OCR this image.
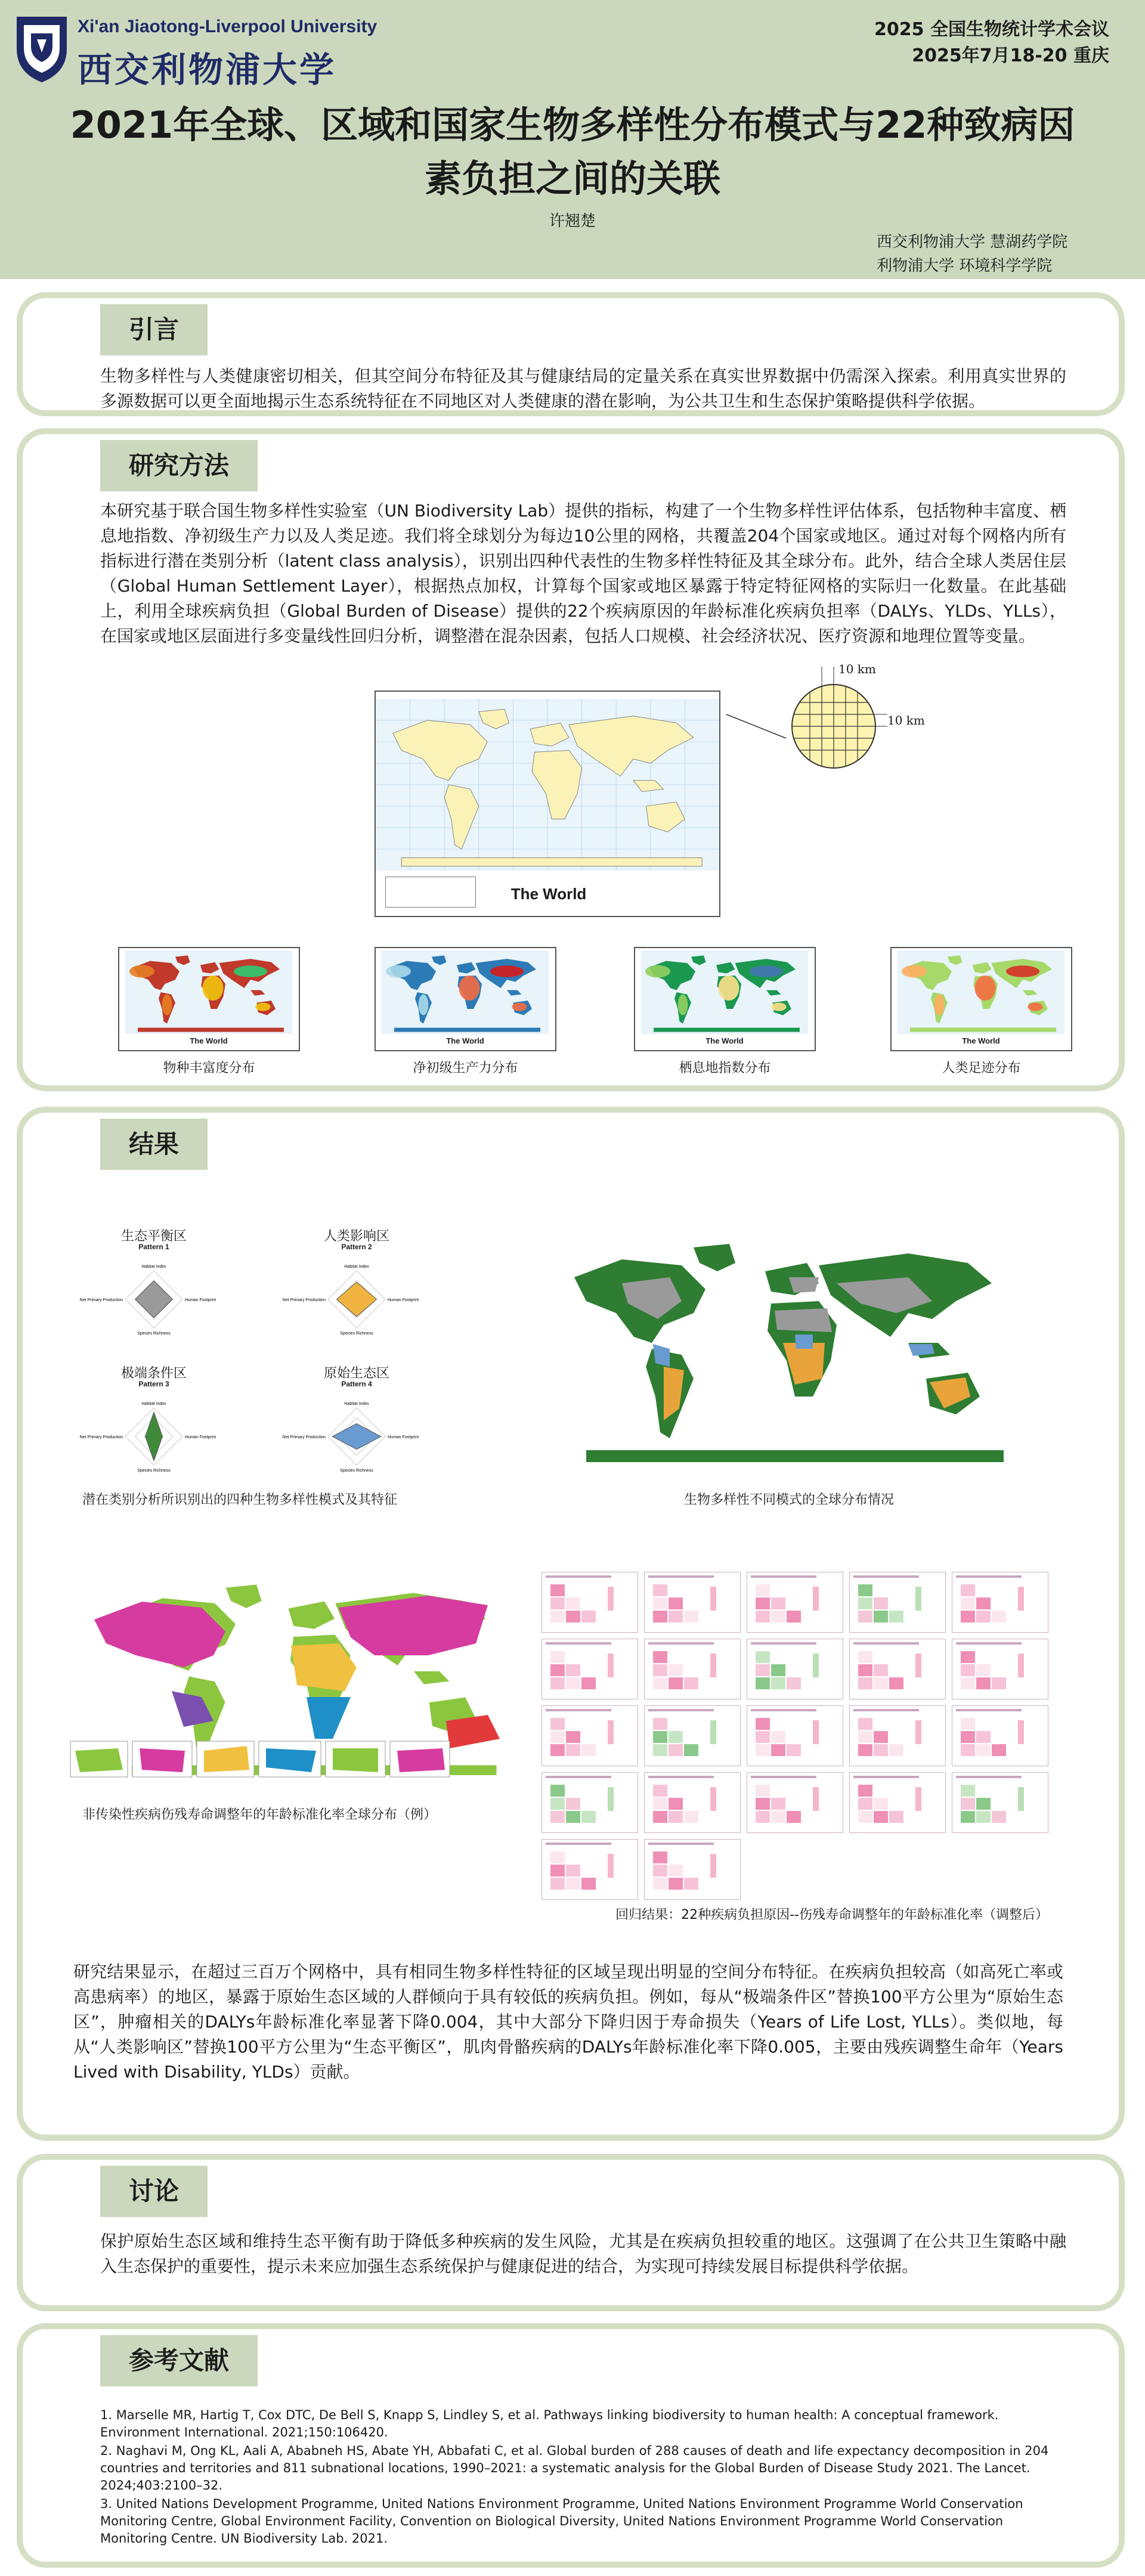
Xi'an Jiaotong-Liverpool University
西交利物浦大学
2025 全国生物统计学术会议
2025年7月18-20 重庆
2021年全球、区域和国家生物多样性分布模式与22种致病因
素负担之间的关联
许翘楚
西交利物浦大学 慧湖药学院
利物浦大学 环境科学学院
引言
生物多样性与人类健康密切相关，但其空间分布特征及其与健康结局的定量关系在真实世界数据中仍需深入探索。利用真实世界的多源数据可以更全面地揭示生态系统特征在不同地区对人类健康的潜在影响，为公共卫生和生态保护策略提供科学依据。
研究方法
本研究基于联合国生物多样性实验室（UN Biodiversity Lab）提供的指标，构建了一个生物多样性评估体系，包括物种丰富度、栖息地指数、净初级生产力以及人类足迹。我们将全球划分为每边10公里的网格，共覆盖204个国家或地区。通过对每个网格内所有指标进行潜在类别分析（latent class analysis），识别出四种代表性的生物多样性特征及其全球分布。此外，结合全球人类居住层（Global Human Settlement Layer），根据热点加权，计算每个国家或地区暴露于特定特征网格的实际归一化数量。在此基础上，利用全球疾病负担（Global Burden of Disease）提供的22个疾病原因的年龄标准化疾病负担率（DALYs、YLDs、YLLs），在国家或地区层面进行多变量线性回归分析，调整潜在混杂因素，包括人口规模、社会经济状况、医疗资源和地理位置等变量。
The World
10 km
10 km
The World
物种丰富度分布
The World
净初级生产力分布
The World
栖息地指数分布
The World
人类足迹分布
结果
生态平衡区
Pattern 1
Habitat Index
Human Footprint
Species Richness
Net Primary Production
人类影响区
Pattern 2
Habitat Index
Human Footprint
Species Richness
Net Primary Production
极端条件区
Pattern 3
Habitat Index
Human Footprint
Species Richness
Net Primary Production
原始生态区
Pattern 4
Habitat Index
Human Footprint
Species Richness
Net Primary Production
潜在类别分析所识别出的四种生物多样性模式及其特征	生物多样性不同模式的全球分布情况
非传染性疾病伤残寿命调整年的年龄标准化率全球分布（例）
回归结果：22种疾病负担原因--伤残寿命调整年的年龄标准化率（调整后）
研究结果显示，在超过三百万个网格中，具有相同生物多样性特征的区域呈现出明显的空间分布特征。在疾病负担较高（如高死亡率或高患病率）的地区，暴露于原始生态区域的人群倾向于具有较低的疾病负担。例如，每从“极端条件区”替换100平方公里为“原始生态区”，肿瘤相关的DALYs年龄标准化率显著下降0.004，其中大部分下降归因于寿命损失（Years of Life Lost, YLLs）。类似地，每从“人类影响区”替换100平方公里为“生态平衡区”，肌肉骨骼疾病的DALYs年龄标准化率下降0.005，主要由残疾调整生命年（Years Lived with Disability, YLDs）贡献。
讨论
保护原始生态区域和维持生态平衡有助于降低多种疾病的发生风险，尤其是在疾病负担较重的地区。这强调了在公共卫生策略中融入生态保护的重要性，提示未来应加强生态系统保护与健康促进的结合，为实现可持续发展目标提供科学依据。
参考文献

1. Marselle MR, Hartig T, Cox DTC, De Bell S, Knapp S, Lindley S, et al. Pathways linking biodiversity to human health: A conceptual framework. Environment International. 2021;150:106420.

2. Naghavi M, Ong KL, Aali A, Ababneh HS, Abate YH, Abbafati C, et al. Global burden of 288 causes of death and life expectancy decomposition in 204 countries and territories and 811 subnational locations, 1990–2021: a systematic analysis for the Global Burden of Disease Study 2021. The Lancet. 2024;403:2100–32.

3. United Nations Development Programme, United Nations Environment Programme, United Nations Environment Programme World Conservation Monitoring Centre, Global Environment Facility, Convention on Biological Diversity, United Nations Environment Programme World Conservation Monitoring Centre. UN Biodiversity Lab. 2021.
